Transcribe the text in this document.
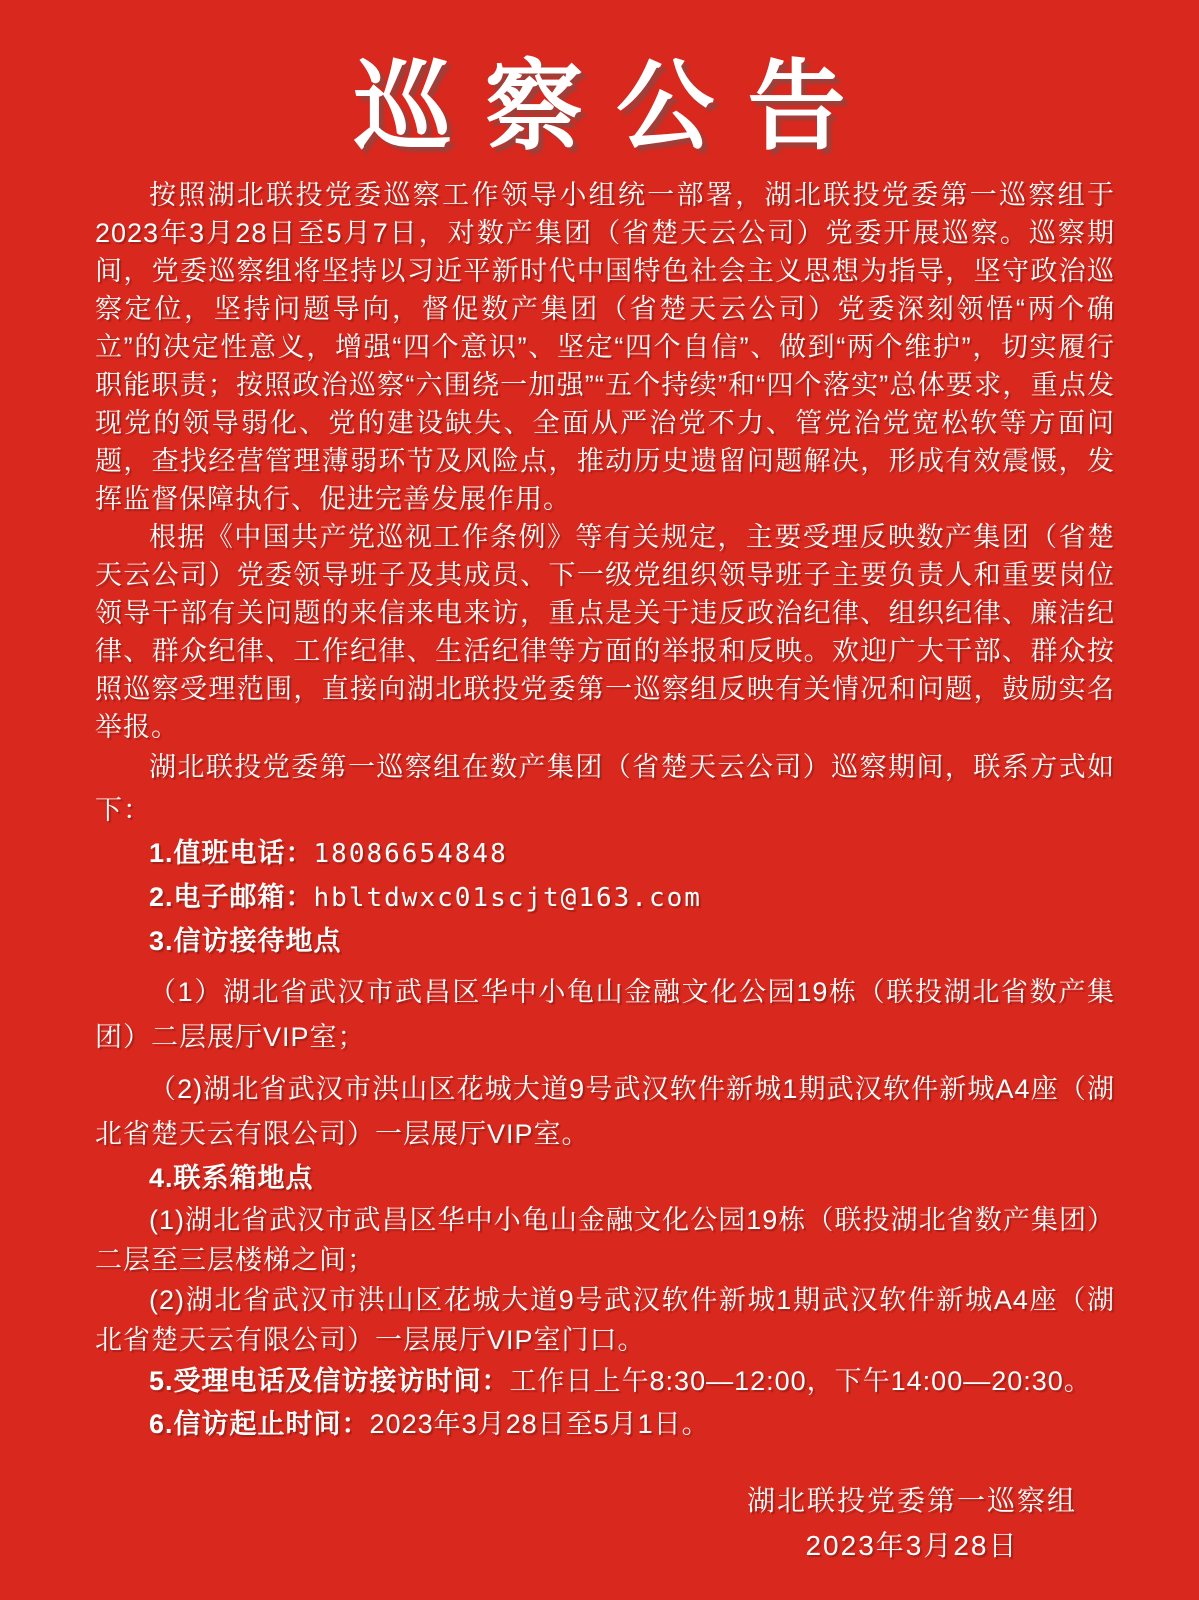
巡察公告

按照湖北联投党委巡察工作领导小组统一部署，湖北联投党委第一巡察组于2023年3月28日至5月7日，对数产集团（省楚天云公司）党委开展巡察。巡察期间，党委巡察组将坚持以习近平新时代中国特色社会主义思想为指导，坚守政治巡察定位，坚持问题导向，督促数产集团（省楚天云公司）党委深刻领悟“两个确立”的决定性意义，增强“四个意识”、坚定“四个自信”、做到“两个维护”，切实履行职能职责；按照政治巡察“六围绕一加强”“五个持续”和“四个落实”总体要求，重点发现党的领导弱化、党的建设缺失、全面从严治党不力、管党治党宽松软等方面问题，查找经营管理薄弱环节及风险点，推动历史遗留问题解决，形成有效震慑，发挥监督保障执行、促进完善发展作用。

根据《中国共产党巡视工作条例》等有关规定，主要受理反映数产集团（省楚天云公司）党委领导班子及其成员、下一级党组织领导班子主要负责人和重要岗位领导干部有关问题的来信来电来访，重点是关于违反政治纪律、组织纪律、廉洁纪律、群众纪律、工作纪律、生活纪律等方面的举报和反映。欢迎广大干部、群众按照巡察受理范围，直接向湖北联投党委第一巡察组反映有关情况和问题，鼓励实名举报。

湖北联投党委第一巡察组在数产集团（省楚天云公司）巡察期间，联系方式如下：

1.值班电话：18086654848
2.电子邮箱：hbltdwxc01scjt@163.com

3.信访接待地点

（1）湖北省武汉市武昌区华中小龟山金融文化公园19栋（联投湖北省数产集团）二层展厅VIP室；

（2)湖北省武汉市洪山区花城大道9号武汉软件新城1期武汉软件新城A4座（湖北省楚天云有限公司）一层展厅VIP室。

4.联系箱地点

(1)湖北省武汉市武昌区华中小龟山金融文化公园19栋（联投湖北省数产集团）二层至三层楼梯之间；

(2)湖北省武汉市洪山区花城大道9号武汉软件新城1期武汉软件新城A4座（湖北省楚天云有限公司）一层展厅VIP室门口。

5.受理电话及信访接访时间：工作日上午8:30—12:00，下午14:00—20:30。
6.信访起止时间：2023年3月28日至5月1日。
湖北联投党委第一巡察组
2023年3月28日
